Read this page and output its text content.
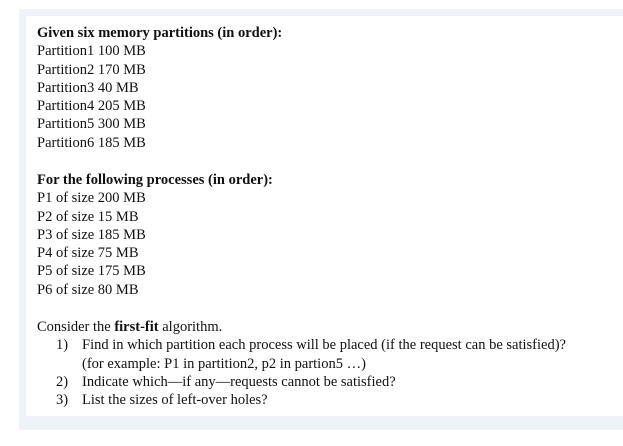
Given six memory partitions (in order):
Partition1 100 MB
Partition2 170 MB
Partition3 40 MB
Partition4 205 MB
Partition5 300 MB
Partition6 185 MB
For the following processes (in order):
P1 of size 200 MB
P2 of size 15 MB
P3 of size 185 MB
P4 of size 75 MB
P5 of size 175 MB
P6 of size 80 MB
Consider the first-fit algorithm.
1) Find in which partition each process will be placed (if the request can be satisfied)?
(for example: P1 in partition2, p2 in partion5 …)
2) Indicate which—if any—requests cannot be satisfied?
3) List the sizes of left-over holes?
